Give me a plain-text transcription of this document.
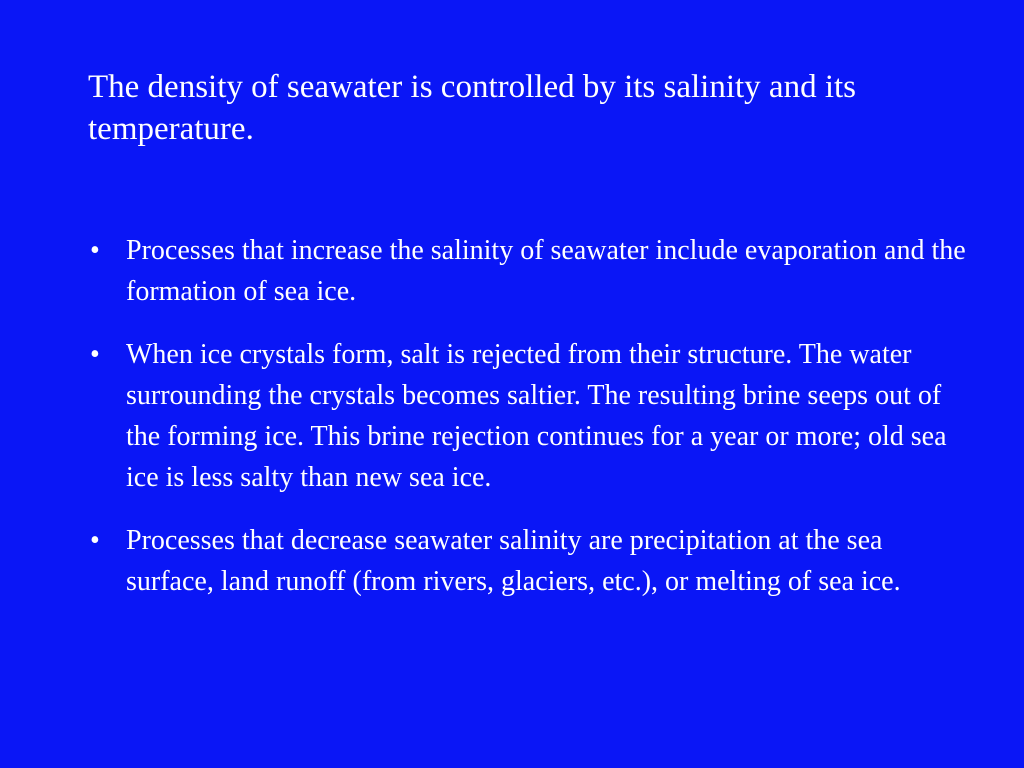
The density of seawater is controlled by its salinity and its temperature.
• Processes that increase the salinity of seawater include evaporation and the formation of sea ice.
• When ice crystals form, salt is rejected from their structure. The water surrounding the crystals becomes saltier. The resulting brine seeps out of the forming ice. This brine rejection continues for a year or more; old sea ice is less salty than new sea ice.
• Processes that decrease seawater salinity are precipitation at the sea surface, land runoff (from rivers, glaciers, etc.), or melting of sea ice.
